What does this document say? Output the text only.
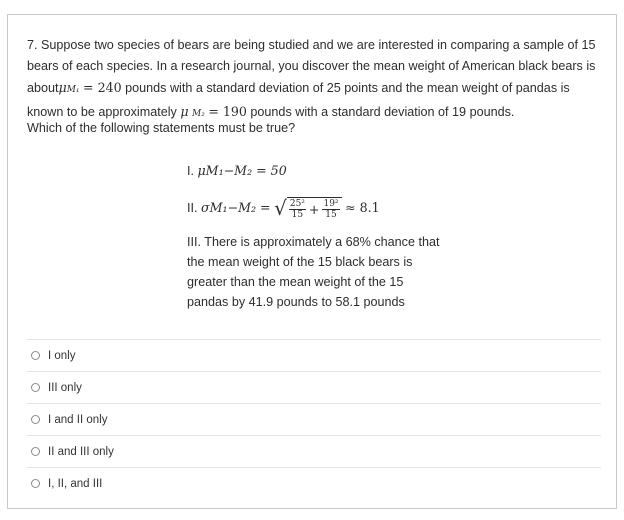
7. Suppose two species of bears are being studied and we are interested in comparing a sample of 15 bears of each species. In a research journal, you discover the mean weight of American black bears is aboutμM₁ = 240 pounds with a standard deviation of 25 points and the mean weight of pandas is known to be approximately μ M₂ = 190 pounds with a standard deviation of 19 pounds.
Which of the following statements must be true?
I. μM₁−M₂ = 50
II. σM₁−M₂ = √ $\frac{\text{25²}}{15} + \frac{\text{19²}}{15} \approx 8.1$
III. There is approximately a 68% chance that the mean weight of the 15 black bears is greater than the mean weight of the 15 pandas by 41.9 pounds to 58.1 pounds
I only
III only
I and II only
II and III only
I, II, and III
